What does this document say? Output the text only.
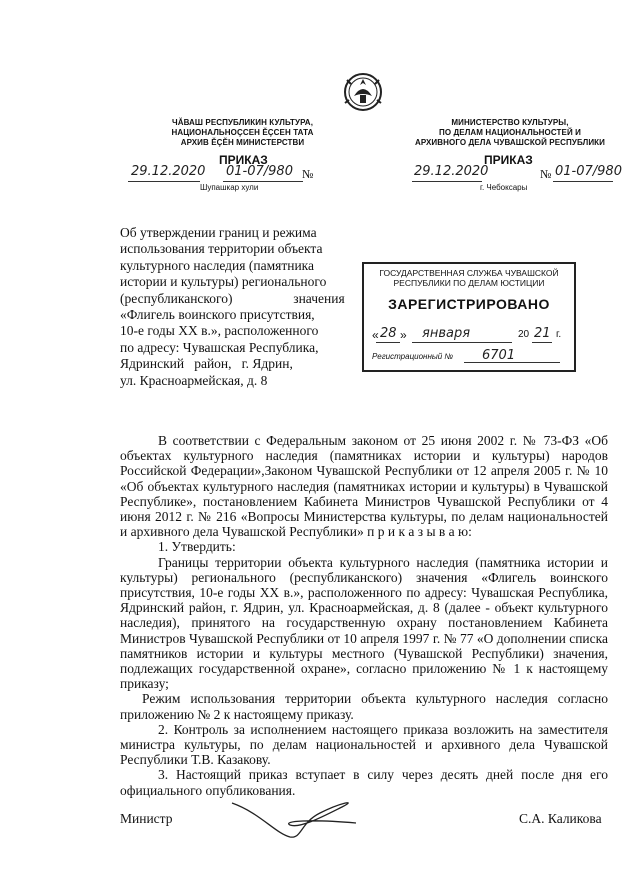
ЧĂВАШ РЕСПУБЛИКИН КУЛЬТУРА,
НАЦИОНАЛЬНОÇСЕН ĔÇСЕН ТАТА
АРХИВ ĔÇĔН МИНИСТЕРСТВИ
МИНИСТЕРСТВО КУЛЬТУРЫ,
ПО ДЕЛАМ НАЦИОНАЛЬНОСТЕЙ И
АРХИВНОГО ДЕЛА ЧУВАШСКОЙ РЕСПУБЛИКИ
ПРИКАЗ
29.12.2020 01-07/980 №
Шупашкар хули
ПРИКАЗ
29.12.2020	№ 01-07/980
г. Чебоксары
Об утверждении границ и режима
использования территории объекта
культурного наследия (памятника
истории и культуры) регионального
(республиканского)                  значения
«Флигель воинского присутствия,
10-е годы XX в.», расположенного
по адресу: Чувашская Республика,
Ядринский   район,   г. Ядрин,
ул. Красноармейская, д. 8
ГОСУДАРСТВЕННАЯ СЛУЖБА ЧУВАШСКОЙ
РЕСПУБЛИКИ ПО ДЕЛАМ ЮСТИЦИИ
ЗАРЕГИСТРИРОВАНО
« 28 » января	20 21 г.
Регистрационный № 6701

В соответствии с Федеральным законом от 25 июня 2002 г. № 73-ФЗ «Об объектах культурного наследия (памятниках истории и культуры) народов Российской Федерации»,Законом Чувашской Республики от 12 апреля 2005 г. № 10 «Об объектах культурного наследия (памятниках истории и культуры) в Чувашской Республике», постановлением Кабинета Министров Чувашской Республики от 4 июня 2012 г. № 216 «Вопросы Министерства культуры, по делам национальностей и архивного дела Чувашской Республики» п р и к а з ы в а ю:

1. Утвердить:

Границы территории объекта культурного наследия (памятника истории и культуры) регионального (республиканского) значения «Флигель воинского присутствия, 10-е годы XX в.», расположенного по адресу: Чувашская Республика, Ядринский район, г. Ядрин, ул. Красноармейская, д. 8 (далее - объект культурного наследия), принятого на государственную охрану постановлением Кабинета Министров Чувашской Республики от 10 апреля 1997 г. № 77 «О дополнении списка памятников истории и культуры местного (Чувашской Республики) значения, подлежащих государственной охране», согласно приложению № 1 к настоящему приказу;

Режим использования территории объекта культурного наследия согласно приложению № 2 к настоящему приказу.

2. Контроль за исполнением настоящего приказа возложить на заместителя министра культуры, по делам национальностей и архивного дела Чувашской Республики Т.В. Казакову.

3. Настоящий приказ вступает в силу через десять дней после дня его официального опубликования.

Министр	С.А. Каликова
